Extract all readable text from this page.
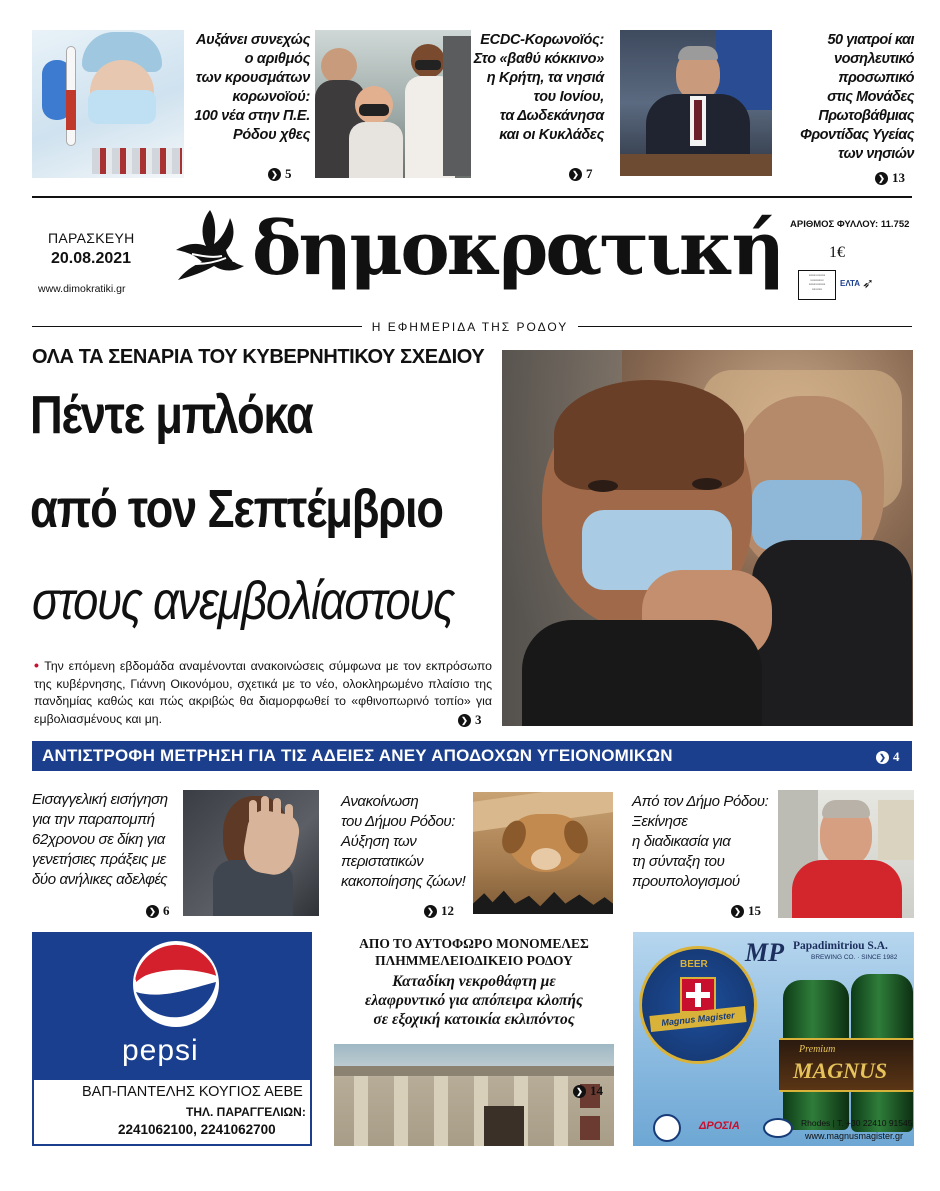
Αυξάνει συνεχώς
ο αριθμός
των κρουσμάτων
κορωνοϊού:
100 νέα στην Π.Ε.
Ρόδου χθες
❯ 5
ECDC-Κορωνοϊός:
Στο «βαθύ κόκκινο»
η Κρήτη, τα νησιά
του Ιονίου,
τα Δωδεκάνησα
και οι Κυκλάδες
❯ 7
50 γιατροί και
νοσηλευτικό προσωπικό
στις Μονάδες
Πρωτοβάθμιας
Φροντίδας Υγείας
των νησιών
❯ 13
ΠΑΡΑΣΚΕΥΗ
20.08.2021
www.dimokratiki.gr δημοκρατική ΑΡΙΘΜΟΣ ΦΥΛΛΟΥ: 11.752
1€
▭▭▭▭▭
▭▭▭▭
▭▭▭▭▭
▭▭▭
ΕΛΤΑ ➶
Η ΕΦΗΜΕΡΙΔΑ ΤΗΣ ΡΟΔΟΥ
ΟΛΑ ΤΑ ΣΕΝΑΡΙΑ ΤΟΥ ΚΥΒΕΡΝΗΤΙΚΟΥ ΣΧΕΔΙΟΥ
Πέντε μπλόκα
από τον Σεπτέμβριο
στους ανεμβολίαστους

• Την επόμενη εβδομάδα αναμένονται ανακοινώσεις σύμφωνα με τον εκπρόσωπο της κυβέρνησης, Γιάννη Οικονόμου, σχετικά με το νέο, ολοκληρωμένο πλαίσιο της πανδημίας καθώς και πώς ακριβώς θα διαμορφωθεί το «φθινοπωρινό τοπίο» για εμβολιασμένους και μη.	❯ 3
ΑΝΤΙΣΤΡΟΦΗ ΜΕΤΡΗΣΗ ΓΙΑ ΤΙΣ ΑΔΕΙΕΣ ΑΝΕΥ ΑΠΟΔΟΧΩΝ ΥΓΕΙΟΝΟΜΙΚΩΝ	❯ 4
Εισαγγελική εισήγηση
για την παραπομπή
62χρονου σε δίκη για
γενετήσιες πράξεις με
δύο ανήλικες αδελφές
❯ 6
Ανακοίνωση
του Δήμου Ρόδου:
Αύξηση των
περιστατικών
κακοποίησης ζώων!
❯ 12
Από τον Δήμο Ρόδου:
Ξεκίνησε
η διαδικασία για
τη σύνταξη του
προυπολογισμού
❯ 15
pepsi
ΒΑΠ-ΠΑΝΤΕΛΗΣ ΚΟΥΓΙΟΣ ΑΕΒΕ
ΤΗΛ. ΠΑΡΑΓΓΕΛΙΩΝ:
2241062100, 2241062700
ΑΠΟ ΤΟ ΑΥΤΟΦΩΡΟ ΜΟΝΟΜΕΛΕΣ
ΠΛΗΜΜΕΛΕΙΟΔΙΚΕΙΟ ΡΟΔΟΥ
Καταδίκη νεκροθάφτη με
ελαφρυντικό για απόπειρα κλοπής
σε εξοχική κατοικία εκλιπόντος
❯ 14
MP Papadimitriou S.A.
BREWING CO. · SINCE 1982
BEER
Magnus Magister
Premium
MAGNUS
ΔΡΟΣΙΑ	Rhodes | T. +30 22410 91545
www.magnusmagister.gr
